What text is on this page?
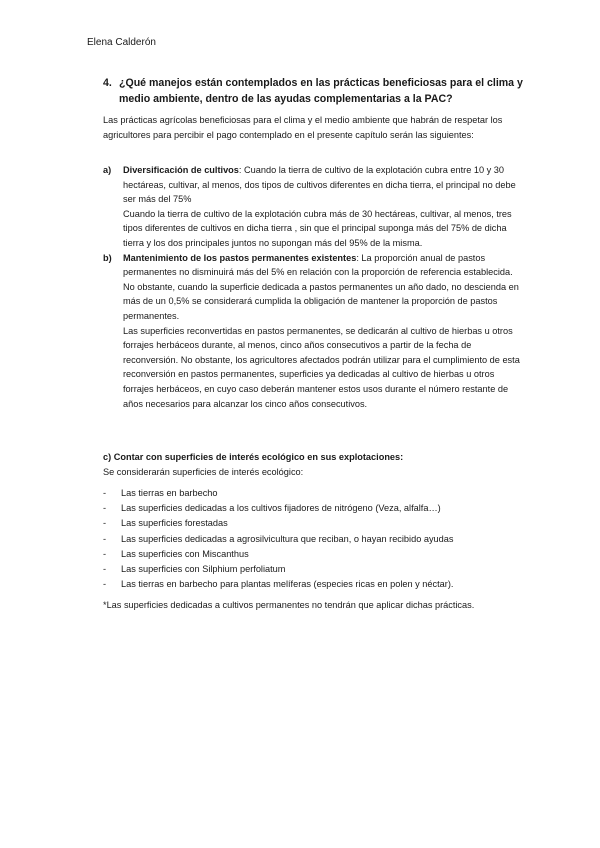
Elena Calderón
4. ¿Qué manejos están contemplados en las prácticas beneficiosas para el clima y medio ambiente, dentro de las ayudas complementarias a la PAC?
Las prácticas agrícolas beneficiosas para el clima y el medio ambiente que habrán de respetar los agricultores para percibir el pago contemplado en el presente capítulo serán las siguientes:
a) Diversificación de cultivos: Cuando la tierra de cultivo de la explotación cubra entre 10 y 30 hectáreas, cultivar, al menos, dos tipos de cultivos diferentes en dicha tierra, el principal no debe ser más del 75%

Cuando la tierra de cultivo de la explotación cubra más de 30 hectáreas, cultivar, al menos, tres tipos diferentes de cultivos en dicha tierra , sin que el principal suponga más del 75% de dicha tierra y los dos principales juntos no supongan más del 95% de la misma.

b) Mantenimiento de los pastos permanentes existentes: La proporción anual de pastos permanentes no disminuirá más del 5% en relación con la proporción de referencia establecida. No obstante, cuando la superficie dedicada a pastos permanentes un año dado, no descienda en más de un 0,5% se considerará cumplida la obligación de mantener la proporción de pastos permanentes.

Las superficies reconvertidas en pastos permanentes, se dedicarán al cultivo de hierbas u otros forrajes herbáceos durante, al menos, cinco años consecutivos a partir de la fecha de reconversión. No obstante, los agricultores afectados podrán utilizar para el cumplimiento de esta reconversión en pastos permanentes, superficies ya dedicadas al cultivo de hierbas u otros forrajes herbáceos, en cuyo caso deberán mantener estos usos durante el número restante de años necesarios para alcanzar los cinco años consecutivos.

c) Contar con superficies de interés ecológico en sus explotaciones:
Se considerarán superficies de interés ecológico:
- Las tierras en barbecho
- Las superficies dedicadas a los cultivos fijadores de nitrógeno (Veza, alfalfa…)
- Las superficies forestadas
- Las superficies dedicadas a agrosilvicultura que reciban, o hayan recibido ayudas
- Las superficies con Miscanthus
- Las superficies con Silphium perfoliatum
- Las tierras en barbecho para plantas melíferas (especies ricas en polen y néctar).
*Las superficies dedicadas a cultivos permanentes no tendrán que aplicar dichas prácticas.
